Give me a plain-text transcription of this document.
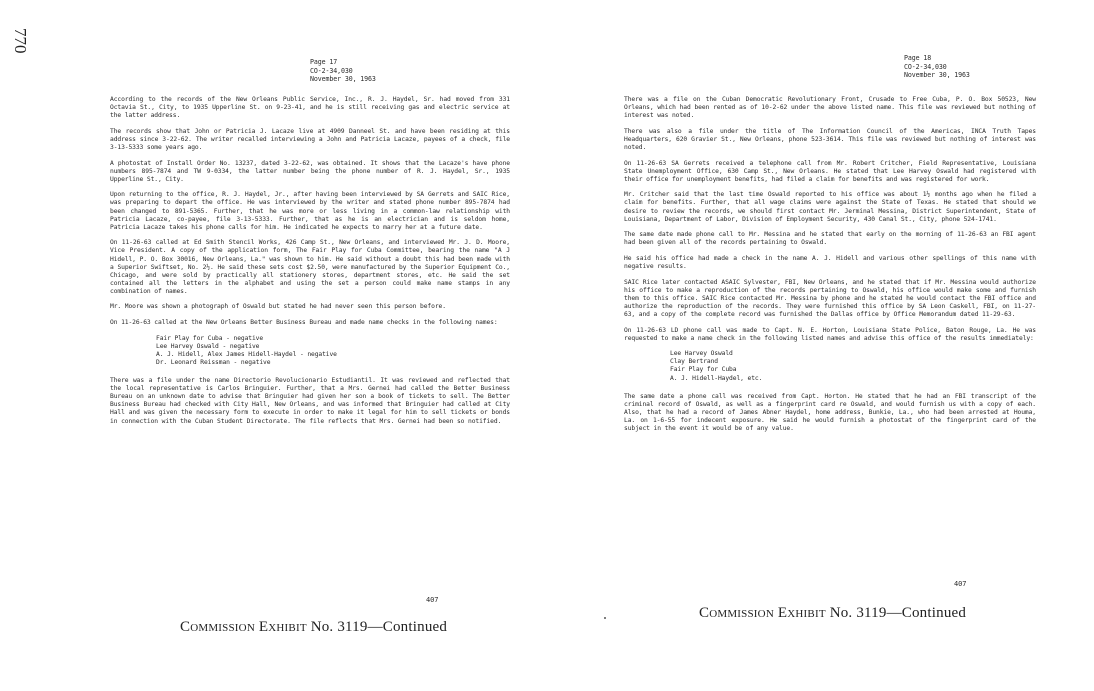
770
Page 17
CO-2-34,030
November 30, 1963

According to the records of the New Orleans Public Service, Inc., R. J. Haydel, Sr. had moved from 331 Octavia St., City, to 1935 Upperline St. on 9-23-41, and he is still receiving gas and electric service at the latter address.

The records show that John or Patricia J. Lacaze live at 4909 Danneel St. and have been residing at this address since 3-22-62. The writer recalled interviewing a John and Patricia Lacaze, payees of a check, file 3-13-5333 some years ago.

A photostat of Install Order No. 13237, dated 3-22-62, was obtained. It shows that the Lacaze's have phone numbers 895-7874 and TW 9-0334, the latter number being the phone number of R. J. Haydel, Sr., 1935 Upperline St., City.

Upon returning to the office, R. J. Haydel, Jr., after having been interviewed by SA Gerrets and SAIC Rice, was preparing to depart the office. He was interviewed by the writer and stated phone number 895-7874 had been changed to 891-5365. Further, that he was more or less living in a common-law relationship with Patricia Lacaze, co-payee, file 3-13-5333. Further, that as he is an electrician and is seldom home, Patricia Lacaze takes his phone calls for him. He indicated he expects to marry her at a future date.

On 11-26-63 called at Ed Smith Stencil Works, 426 Camp St., New Orleans, and interviewed Mr. J. D. Moore, Vice President. A copy of the application form, The Fair Play for Cuba Committee, bearing the name "A J Hidell, P. O. Box 30016, New Orleans, La." was shown to him. He said without a doubt this had been made with a Superior Swiftset, No. 2½. He said these sets cost $2.50, were manufactured by the Superior Equipment Co., Chicago, and were sold by practically all stationery stores, department stores, etc. He said the set contained all the letters in the alphabet and using the set a person could make name stamps in any combination of names.

Mr. Moore was shown a photograph of Oswald but stated he had never seen this person before.

On 11-26-63 called at the New Orleans Better Business Bureau and made name checks in the following names:

Fair Play for Cuba - negative
Lee Harvey Oswald - negative
A. J. Hidell, Alex James Hidell-Haydel - negative
Dr. Leonard Reissman - negative

There was a file under the name Directorio Revolucionario Estudiantil. It was reviewed and reflected that the local representative is Carlos Bringuier. Further, that a Mrs. Gernei had called the Better Business Bureau on an unknown date to advise that Bringuier had given her son a book of tickets to sell. The Better Business Bureau had checked with City Hall, New Orleans, and was informed that Bringuier had called at City Hall and was given the necessary form to execute in order to make it legal for him to sell tickets or bonds in connection with the Cuban Student Directorate. The file reflects that Mrs. Gernei had been so notified.

407
Commission Exhibit No. 3119—Continued
Page 18
CO-2-34,030
November 30, 1963

There was a file on the Cuban Democratic Revolutionary Front, Crusade to Free Cuba, P. O. Box 50523, New Orleans, which had been rented as of 10-2-62 under the above listed name. This file was reviewed but nothing of interest was noted.

There was also a file under the title of The Information Council of the Americas, INCA Truth Tapes Headquarters, 620 Gravier St., New Orleans, phone 523-3614. This file was reviewed but nothing of interest was noted.

On 11-26-63 SA Gerrets received a telephone call from Mr. Robert Critcher, Field Representative, Louisiana State Unemployment Office, 630 Camp St., New Orleans. He stated that Lee Harvey Oswald had registered with their office for unemployment benefits, had filed a claim for benefits and was registered for work.

Mr. Critcher said that the last time Oswald reported to his office was about 1½ months ago when he filed a claim for benefits. Further, that all wage claims were against the State of Texas. He stated that should we desire to review the records, we should first contact Mr. Jerminal Messina, District Superintendent, State of Louisiana, Department of Labor, Division of Employment Security, 430 Canal St., City, phone 524-1741.

The same date made phone call to Mr. Messina and he stated that early on the morning of 11-26-63 an FBI agent had been given all of the records pertaining to Oswald.

He said his office had made a check in the name A. J. Hidell and various other spellings of this name with negative results.

SAIC Rice later contacted ASAIC Sylvester, FBI, New Orleans, and he stated that if Mr. Messina would authorize his office to make a reproduction of the records pertaining to Oswald, his office would make some and furnish them to this office. SAIC Rice contacted Mr. Messina by phone and he stated he would contact the FBI office and authorize the reproduction of the records. They were furnished this office by SA Leon Caskell, FBI, on 11-27-63, and a copy of the complete record was furnished the Dallas office by Office Memorandum dated 11-29-63.

On 11-26-63 LD phone call was made to Capt. N. E. Horton, Louisiana State Police, Baton Rouge, La. He was requested to make a name check in the following listed names and advise this office of the results immediately:

Lee Harvey Oswald
Clay Bertrand
Fair Play for Cuba
A. J. Hidell-Haydel, etc.

The same date a phone call was received from Capt. Horton. He stated that he had an FBI transcript of the criminal record of Oswald, as well as a fingerprint card re Oswald, and would furnish us with a copy of each. Also, that he had a record of James Abner Haydel, home address, Bunkie, La., who had been arrested at Houma, La. on 1-6-55 for indecent exposure. He said he would furnish a photostat of the fingerprint card of the subject in the event it would be of any value.

407
Commission Exhibit No. 3119—Continued
